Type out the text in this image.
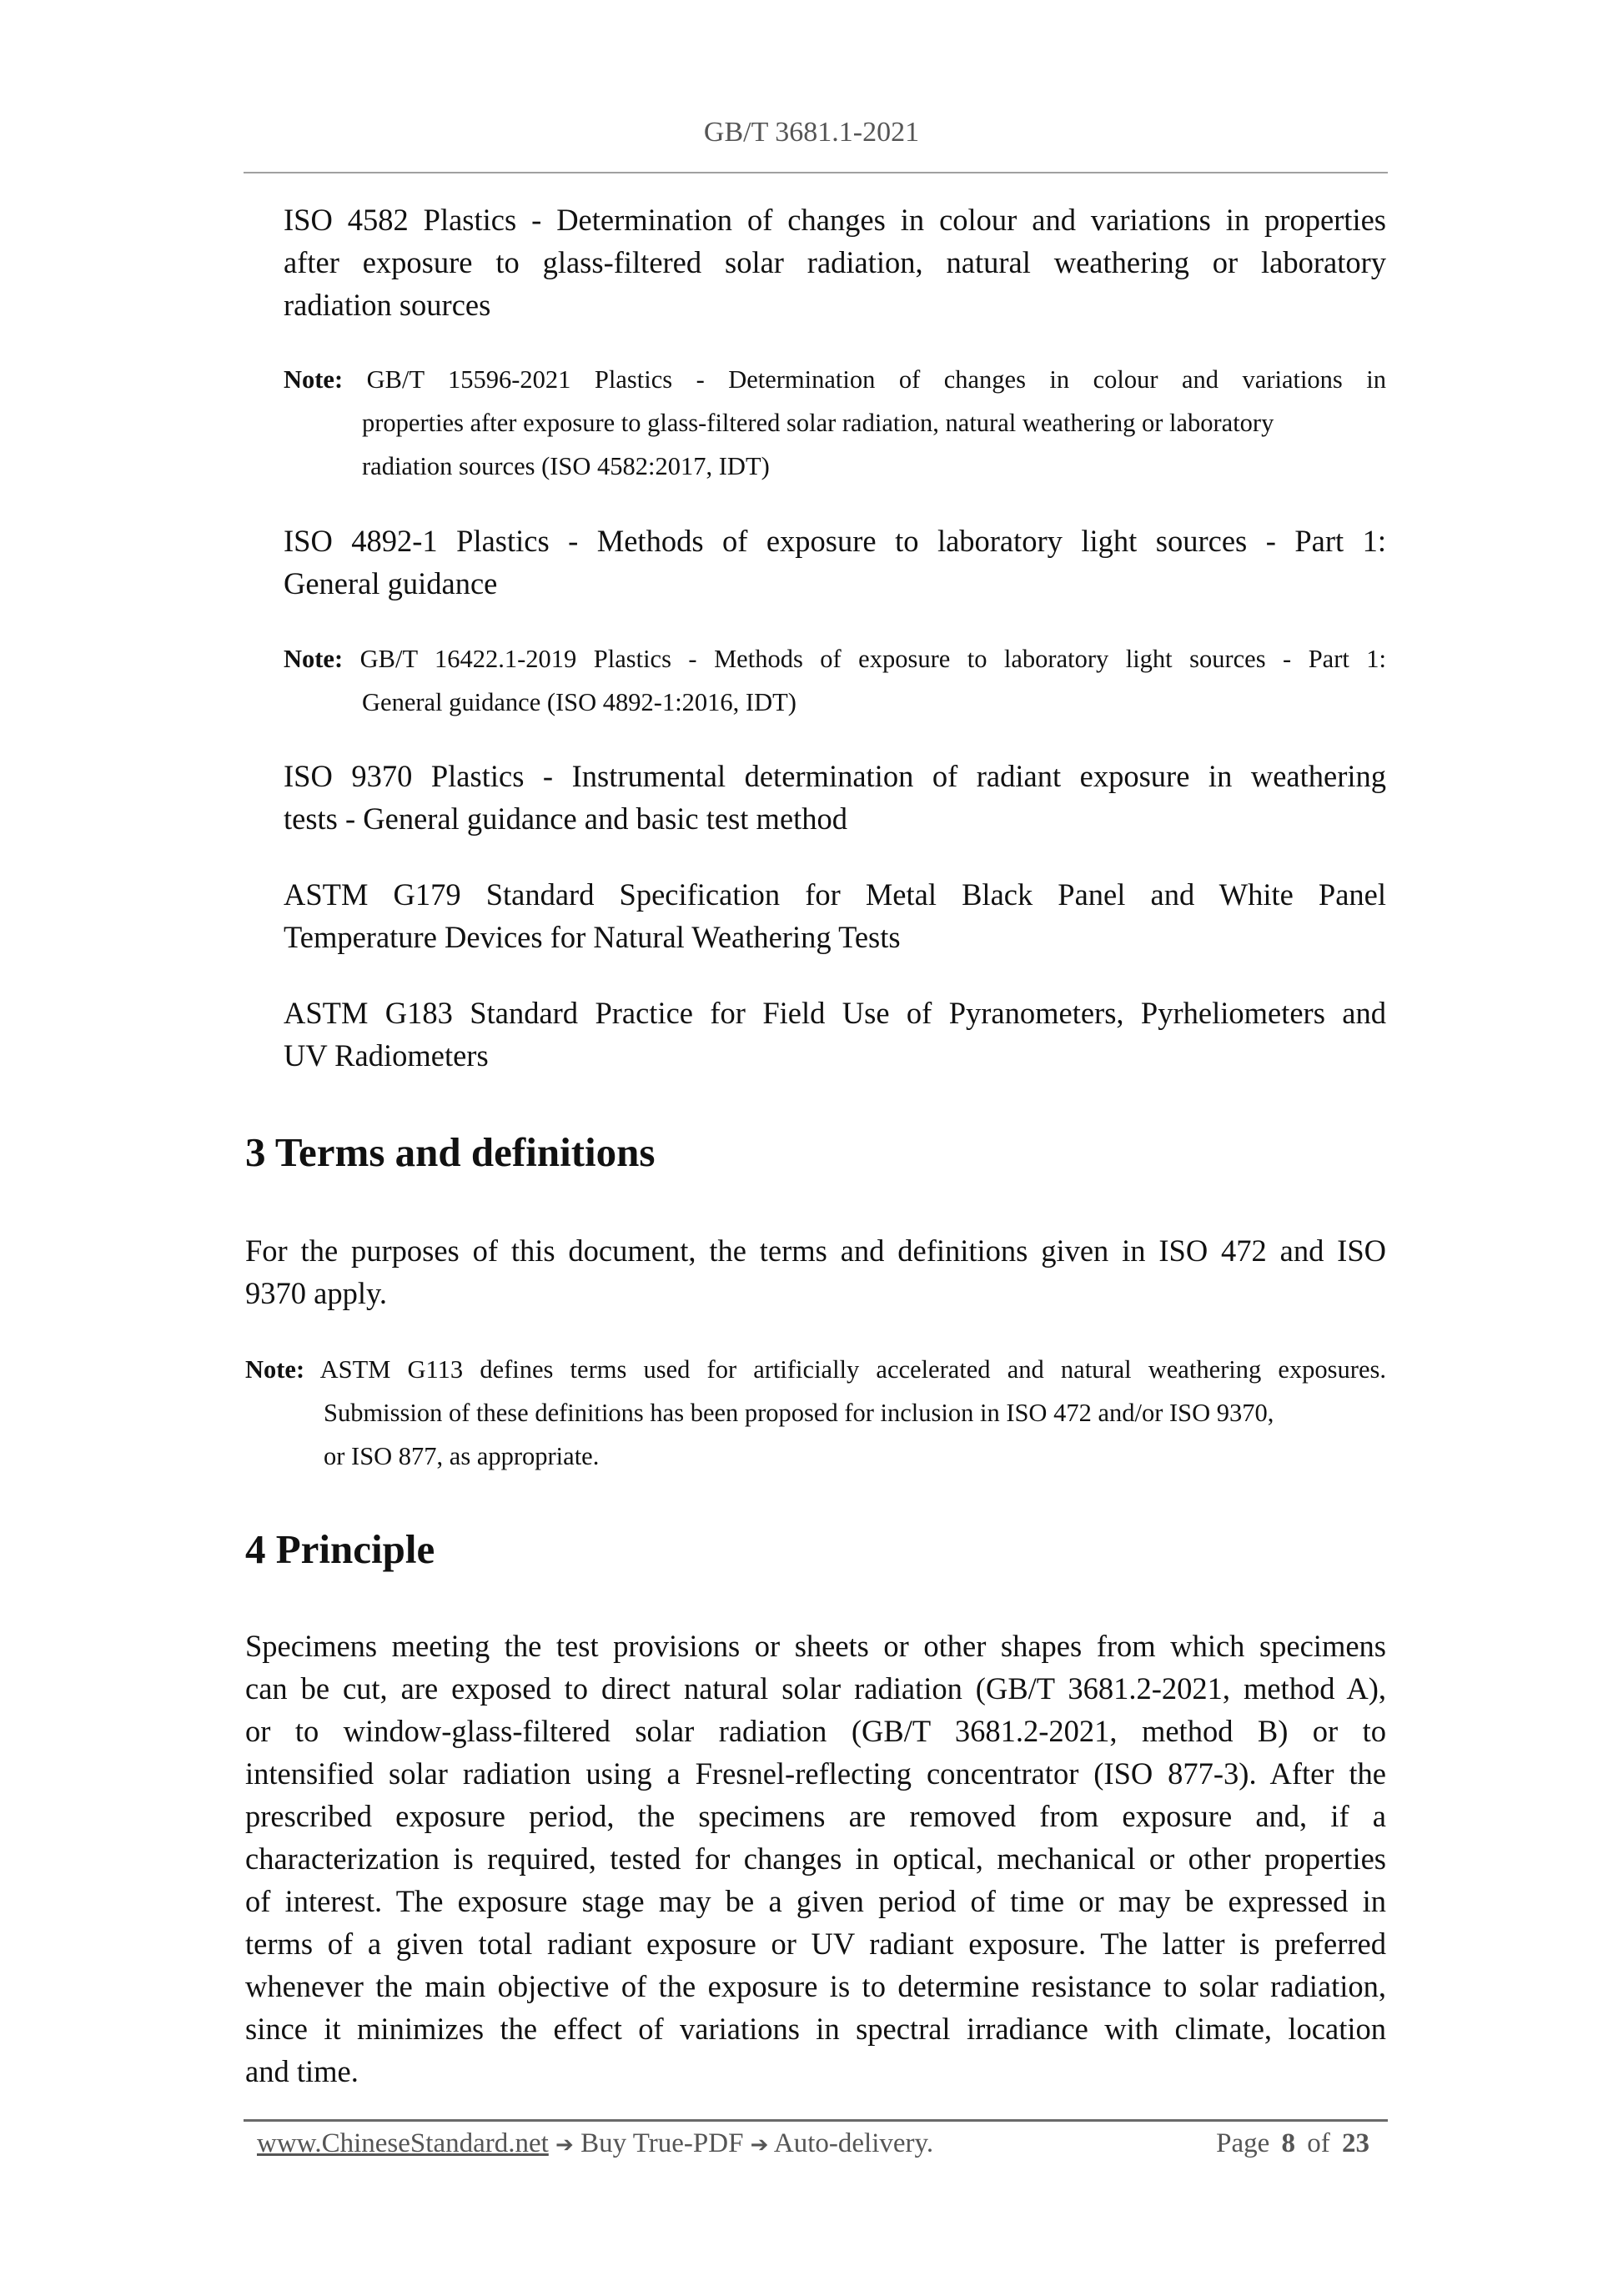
GB/T 3681.1-2021
ISO 4582 Plastics - Determination of changes in colour and variations in properties
after exposure to glass-filtered solar radiation, natural weathering or laboratory
radiation sources
Note: GB/T 15596-2021 Plastics - Determination of changes in colour and variations in
properties after exposure to glass-filtered solar radiation, natural weathering or laboratory
radiation sources (ISO 4582:2017, IDT)
ISO 4892-1 Plastics - Methods of exposure to laboratory light sources - Part 1:
General guidance
Note: GB/T 16422.1-2019 Plastics - Methods of exposure to laboratory light sources - Part 1:
General guidance (ISO 4892-1:2016, IDT)
ISO 9370 Plastics - Instrumental determination of radiant exposure in weathering
tests - General guidance and basic test method
ASTM G179 Standard Specification for Metal Black Panel and White Panel
Temperature Devices for Natural Weathering Tests
ASTM G183 Standard Practice for Field Use of Pyranometers, Pyrheliometers and
UV Radiometers
3 Terms and definitions
For the purposes of this document, the terms and definitions given in ISO 472 and ISO
9370 apply.
Note: ASTM G113 defines terms used for artificially accelerated and natural weathering exposures.
Submission of these definitions has been proposed for inclusion in ISO 472 and/or ISO 9370,
or ISO 877, as appropriate.
4 Principle
Specimens meeting the test provisions or sheets or other shapes from which specimens
can be cut, are exposed to direct natural solar radiation (GB/T 3681.2-2021, method A),
or to window-glass-filtered solar radiation (GB/T 3681.2-2021, method B) or to
intensified solar radiation using a Fresnel-reflecting concentrator (ISO 877-3). After the
prescribed exposure period, the specimens are removed from exposure and, if a
characterization is required, tested for changes in optical, mechanical or other properties
of interest. The exposure stage may be a given period of time or may be expressed in
terms of a given total radiant exposure or UV radiant exposure. The latter is preferred
whenever the main objective of the exposure is to determine resistance to solar radiation,
since it minimizes the effect of variations in spectral irradiance with climate, location
and time.
www.ChineseStandard.net ➔ Buy True-PDF ➔ Auto-delivery.	Page 8 of 23
